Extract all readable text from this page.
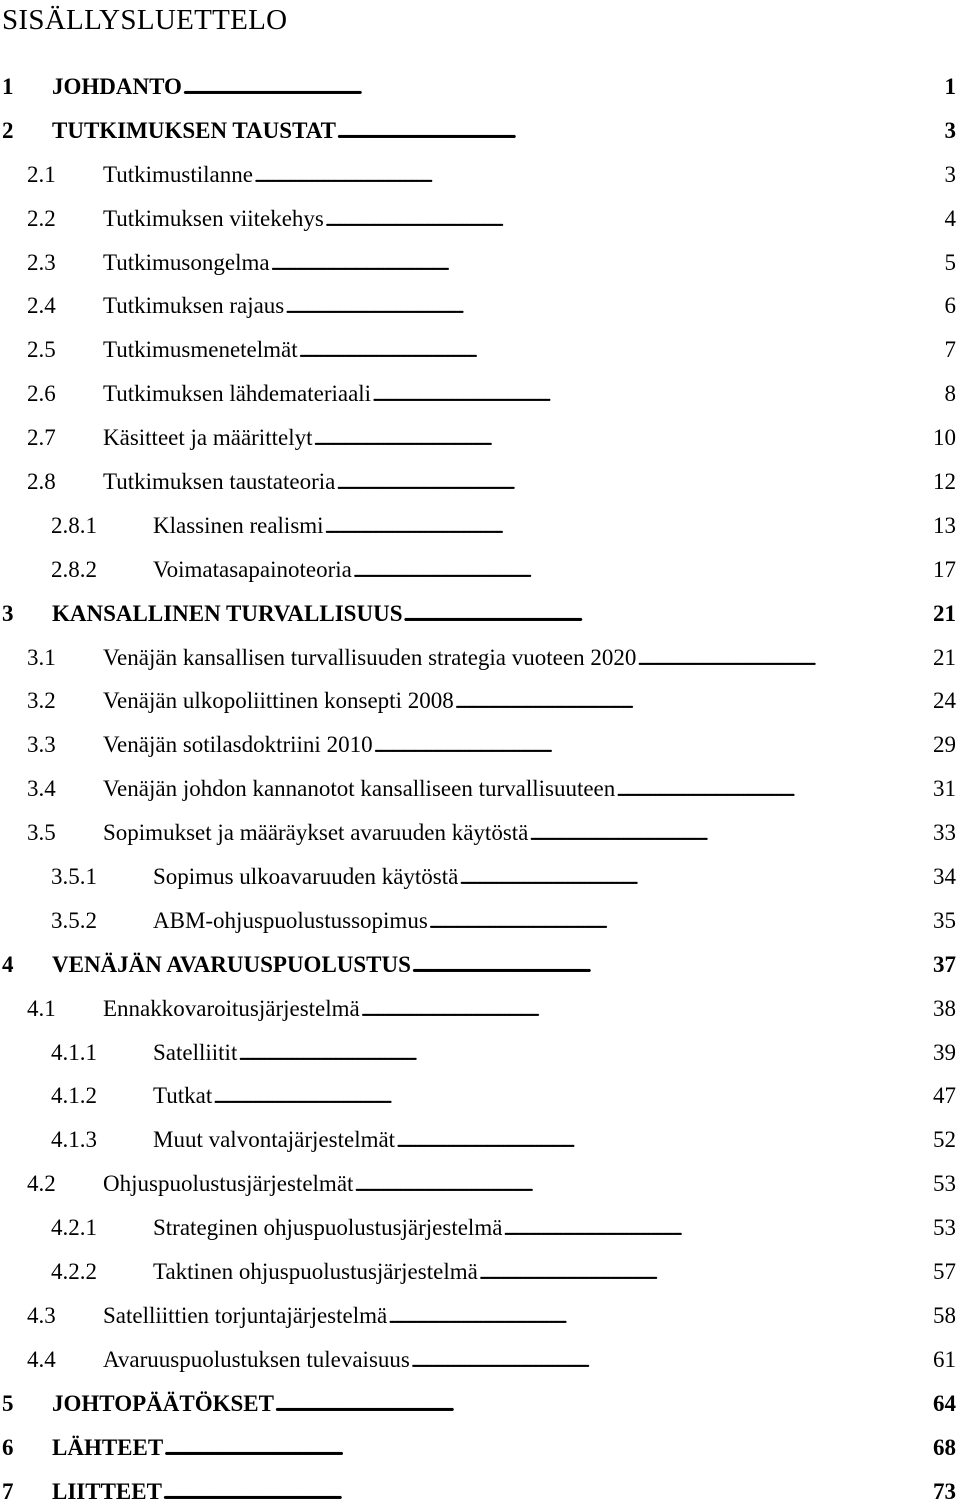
SISÄLLYSLUETTELO
1 JOHDANTO . . .	1
2 TUTKIMUKSEN TAUSTAT . . .	3
2.1 Tutkimustilanne . . .	3
2.2 Tutkimuksen viitekehys . . .	4
2.3 Tutkimusongelma . . .	5
2.4 Tutkimuksen rajaus . . .	6
2.5 Tutkimusmenetelmät . . .	7
2.6 Tutkimuksen lähdemateriaali . . .	8
2.7 Käsitteet ja määrittelyt . . .	10
2.8 Tutkimuksen taustateoria . . .	12
2.8.1 Klassinen realismi . . .	13
2.8.2 Voimatasapainoteoria . . .	17
3 KANSALLINEN TURVALLISUUS . . .	21
3.1 Venäjän kansallisen turvallisuuden strategia vuoteen 2020 . . .	21
3.2 Venäjän ulkopoliittinen konsepti 2008 . . .	24
3.3 Venäjän sotilasdoktriini 2010 . . .	29
3.4 Venäjän johdon kannanotot kansalliseen turvallisuuteen . . .	31
3.5 Sopimukset ja määräykset avaruuden käytöstä . . .	33
3.5.1 Sopimus ulkoavaruuden käytöstä . . .	34
3.5.2 ABM-ohjuspuolustussopimus . . .	35
4 VENÄJÄN AVARUUSPUOLUSTUS . . .	37
4.1 Ennakkovaroitusjärjestelmä . . .	38
4.1.1 Satelliitit . . .	39
4.1.2 Tutkat . . .	47
4.1.3 Muut valvontajärjestelmät . . .	52
4.2 Ohjuspuolustusjärjestelmät . . .	53
4.2.1 Strateginen ohjuspuolustusjärjestelmä . . .	53
4.2.2 Taktinen ohjuspuolustusjärjestelmä . . .	57
4.3 Satelliittien torjuntajärjestelmä . . .	58
4.4 Avaruuspuolustuksen tulevaisuus . . .	61
5 JOHTOPÄÄTÖKSET . . .	64
6 LÄHTEET . . .	68
7 LIITTEET . . .	73
